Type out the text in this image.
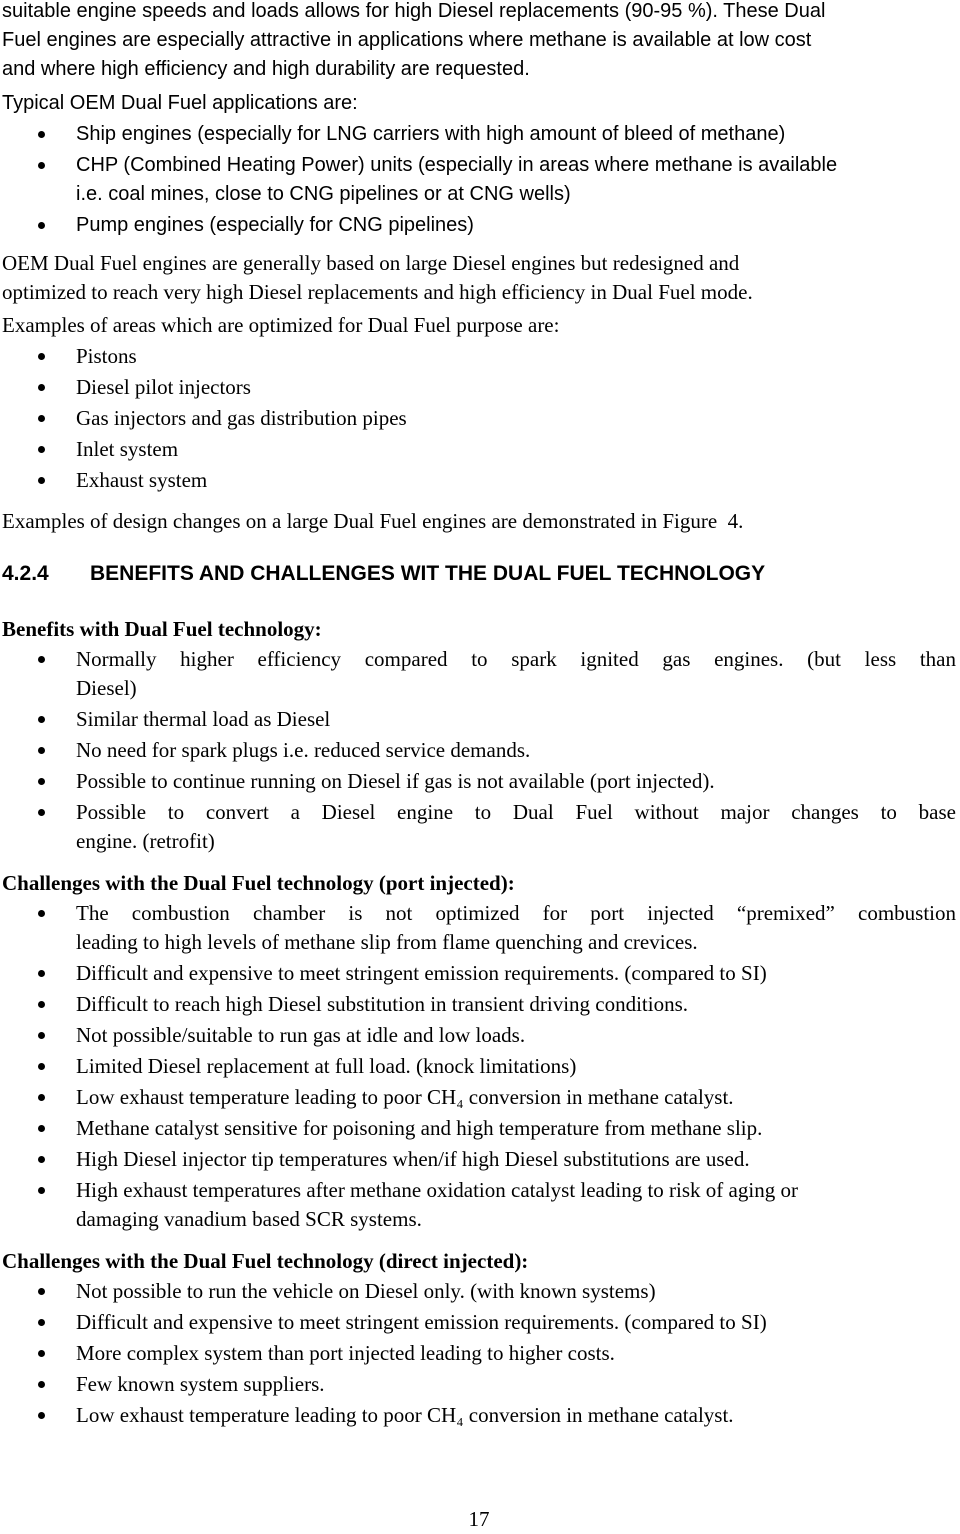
suitable engine speeds and loads allows for high Diesel replacements (90-95 %). These Dual

Fuel engines are especially attractive in applications where methane is available at low cost

and where high efficiency and high durability are requested.

Typical OEM Dual Fuel applications are:

Ship engines (especially for LNG carriers with high amount of bleed of methane)
CHP (Combined Heating Power) units (especially in areas where methane is available
i.e. coal mines, close to CNG pipelines or at CNG wells)
Pump engines (especially for CNG pipelines)

OEM Dual Fuel engines are generally based on large Diesel engines but redesigned and

optimized to reach very high Diesel replacements and high efficiency in Dual Fuel mode.

Examples of areas which are optimized for Dual Fuel purpose are:

Pistons
Diesel pilot injectors
Gas injectors and gas distribution pipes
Inlet system
Exhaust system

Examples of design changes on a large Dual Fuel engines are demonstrated in Figure  4.

4.2.4 BENEFITS AND CHALLENGES WIT THE DUAL FUEL TECHNOLOGY

Benefits with Dual Fuel technology:

Normally higher efficiency compared to spark ignited gas engines. (but less than
Diesel)
Similar thermal load as Diesel
No need for spark plugs i.e. reduced service demands.
Possible to continue running on Diesel if gas is not available (port injected).
Possible to convert a Diesel engine to Dual Fuel without major changes to base
engine. (retrofit)

Challenges with the Dual Fuel technology (port injected):

The combustion chamber is not optimized for port injected “premixed” combustion
leading to high levels of methane slip from flame quenching and crevices.
Difficult and expensive to meet stringent emission requirements. (compared to SI)
Difficult to reach high Diesel substitution in transient driving conditions.
Not possible/suitable to run gas at idle and low loads.
Limited Diesel replacement at full load. (knock limitations)
Low exhaust temperature leading to poor CH₄ conversion in methane catalyst.
Methane catalyst sensitive for poisoning and high temperature from methane slip.
High Diesel injector tip temperatures when/if high Diesel substitutions are used.
High exhaust temperatures after methane oxidation catalyst leading to risk of aging or
damaging vanadium based SCR systems.

Challenges with the Dual Fuel technology (direct injected):

Not possible to run the vehicle on Diesel only. (with known systems)
Difficult and expensive to meet stringent emission requirements. (compared to SI)
More complex system than port injected leading to higher costs.
Few known system suppliers.
Low exhaust temperature leading to poor CH₄ conversion in methane catalyst.
17
